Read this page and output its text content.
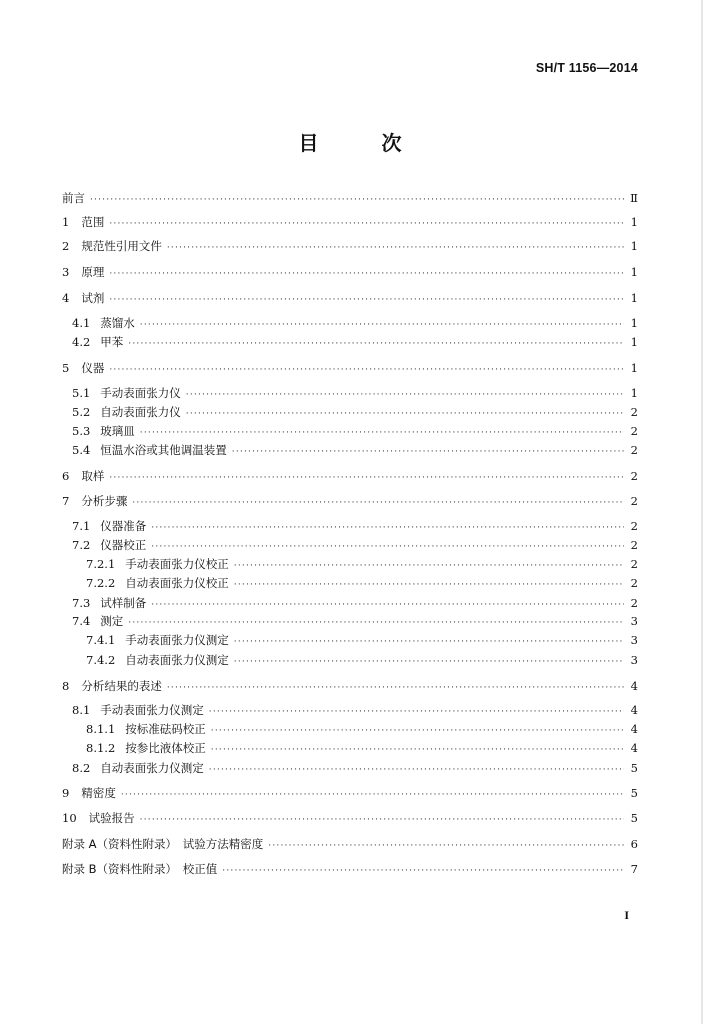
SH/T 1156—2014
目 次
前言 ·····	Ⅱ
1 范围 ·····	1
2 规范性引用文件 ·····	1
3 原理 ·····	1
4 试剂 ·····	1
4.1 蒸馏水 ·····	1
4.2 甲苯 ·····	1
5 仪器 ·····	1
5.1 手动表面张力仪 ·····	1
5.2 自动表面张力仪 ·····	2
5.3 玻璃皿 ·····	2
5.4 恒温水浴或其他调温装置 ·····	2
6 取样 ·····	2
7 分析步骤 ·····	2
7.1 仪器准备 ·····	2
7.2 仪器校正 ·····	2
7.2.1 手动表面张力仪校正 ·····	2
7.2.2 自动表面张力仪校正 ·····	2
7.3 试样制备 ·····	2
7.4 测定 ·····	3
7.4.1 手动表面张力仪测定 ·····	3
7.4.2 自动表面张力仪测定 ·····	3
8 分析结果的表述 ·····	4
8.1 手动表面张力仪测定 ·····	4
8.1.1 按标准砝码校正 ·····	4
8.1.2 按参比液体校正 ·····	4
8.2 自动表面张力仪测定 ·····	5
9 精密度 ·····	5
10 试验报告 ·····	5
附录 A（资料性附录）　试验方法精密度 ·····	6
附录 B（资料性附录）　校正值 ·····	7
I
